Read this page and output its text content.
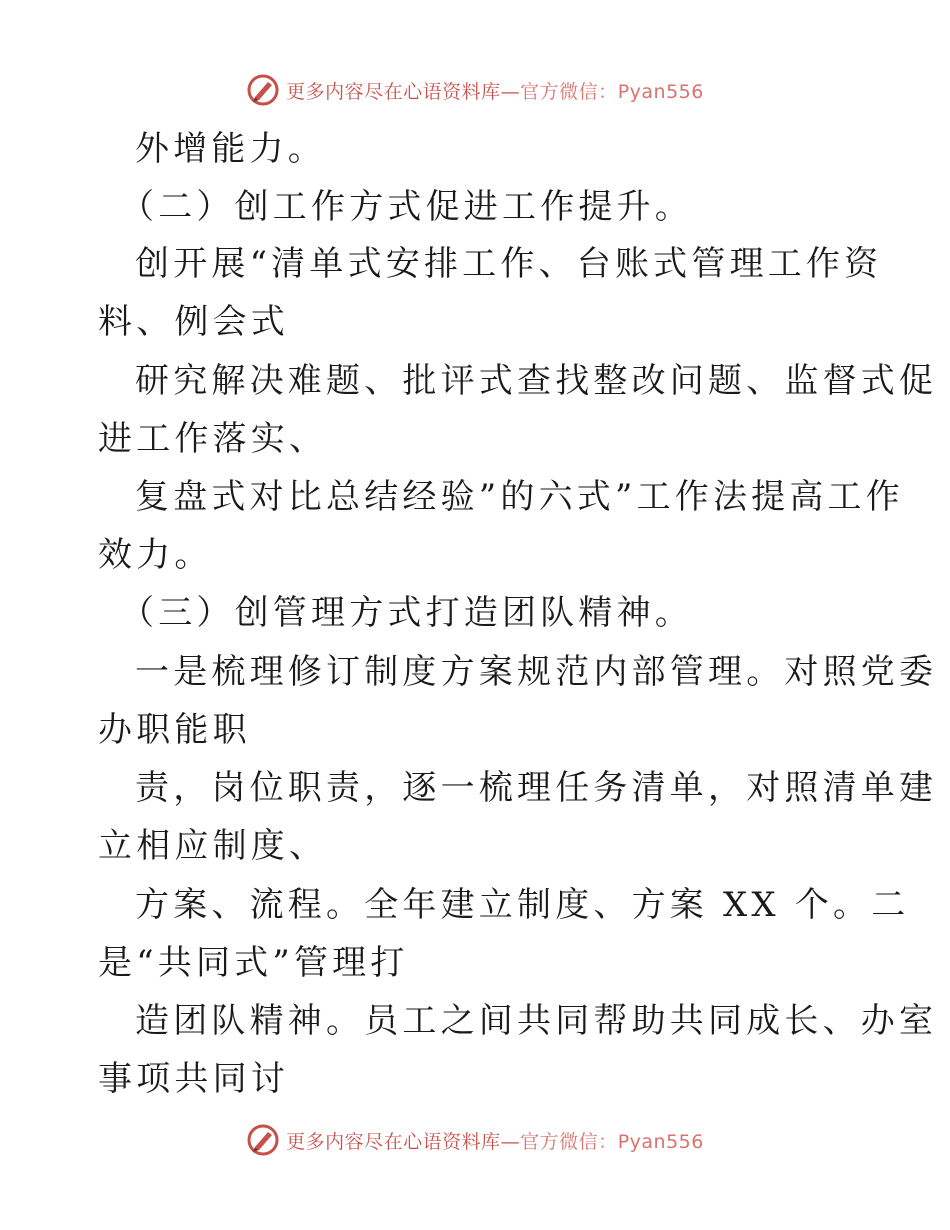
更多内容尽在心语资料库—官方微信：Pyan556
外增能力。
（二）创工作方式促进工作提升。
创开展“清单式安排工作、台账式管理工作资
料、例会式
研究解决难题、批评式查找整改问题、监督式促
进工作落实、
复盘式对比总结经验”的六式”工作法提高工作
效力。
（三）创管理方式打造团队精神。
一是梳理修订制度方案规范内部管理。对照党委
办职能职
责，岗位职责，逐一梳理任务清单，对照清单建
立相应制度、
方案、流程。全年建立制度、方案 XX 个。二
是“共同式”管理打
造团队精神。员工之间共同帮助共同成长、办室
事项共同讨
更多内容尽在心语资料库—官方微信：Pyan556
